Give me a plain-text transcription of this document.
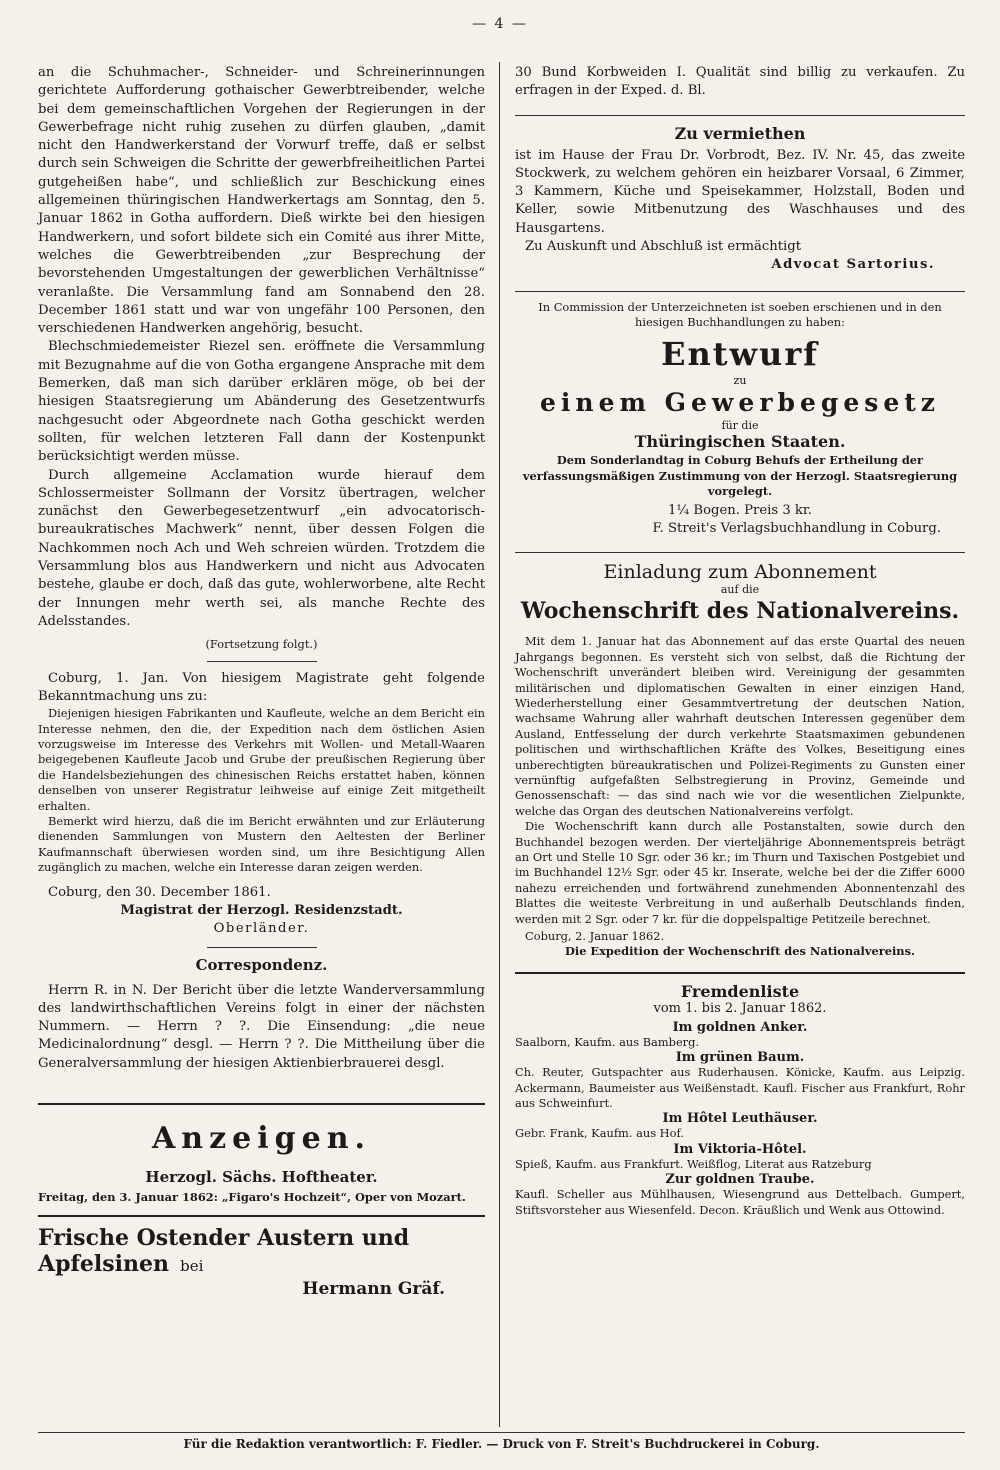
— 4 —

an die Schuhmacher-, Schneider- und Schreinerinnungen gerichtete Aufforderung gothaischer Gewerbtreibender, welche bei dem gemeinschaftlichen Vorgehen der Regierungen in der Gewerbefrage nicht ruhig zusehen zu dürfen glauben, „damit nicht den Handwerkerstand der Vorwurf treffe, daß er selbst durch sein Schweigen die Schritte der gewerbfreiheitlichen Partei gutgeheißen habe“, und schließlich zur Beschickung eines allgemeinen thüringischen Handwerkertags am Sonntag, den 5. Januar 1862 in Gotha auffordern. Dieß wirkte bei den hiesigen Handwerkern, und sofort bildete sich ein Comité aus ihrer Mitte, welches die Gewerbtreibenden „zur Besprechung der bevorstehenden Umgestaltungen der gewerblichen Verhältnisse“ veranlaßte. Die Versammlung fand am Sonnabend den 28. December 1861 statt und war von ungefähr 100 Personen, den verschiedenen Handwerken angehörig, besucht.

Blechschmiedemeister Riezel sen. eröffnete die Versammlung mit Bezugnahme auf die von Gotha ergangene Ansprache mit dem Bemerken, daß man sich darüber erklären möge, ob bei der hiesigen Staatsregierung um Abänderung des Gesetzentwurfs nachgesucht oder Abgeordnete nach Gotha geschickt werden sollten, für welchen letzteren Fall dann der Kostenpunkt berücksichtigt werden müsse.

Durch allgemeine Acclamation wurde hierauf dem Schlossermeister Sollmann der Vorsitz übertragen, welcher zunächst den Gewerbegesetzentwurf „ein advocatorisch-bureaukratisches Machwerk“ nennt, über dessen Folgen die Nachkommen noch Ach und Weh schreien würden. Trotzdem die Versammlung blos aus Handwerkern und nicht aus Advocaten bestehe, glaube er doch, daß das gute, wohlerworbene, alte Recht der Innungen mehr werth sei, als manche Rechte des Adelsstandes.

(Fortsetzung folgt.)

Coburg, 1. Jan. Von hiesigem Magistrate geht folgende Bekanntmachung uns zu:

Diejenigen hiesigen Fabrikanten und Kaufleute, welche an dem Bericht ein Interesse nehmen, den die, der Expedition nach dem östlichen Asien vorzugsweise im Interesse des Verkehrs mit Wollen- und Metall-Waaren beigegebenen Kaufleute Jacob und Grube der preußischen Regierung über die Handelsbeziehungen des chinesischen Reichs erstattet haben, können denselben von unserer Registratur leihweise auf einige Zeit mitgetheilt erhalten.

Bemerkt wird hierzu, daß die im Bericht erwähnten und zur Erläuterung dienenden Sammlungen von Mustern den Aeltesten der Berliner Kaufmannschaft überwiesen worden sind, um ihre Besichtigung Allen zugänglich zu machen, welche ein Interesse daran zeigen werden.

Coburg, den 30. December 1861.

Magistrat der Herzogl. Residenzstadt.

Oberländer.

Correspondenz.

Herrn R. in N. Der Bericht über die letzte Wanderversammlung des landwirthschaftlichen Vereins folgt in einer der nächsten Nummern. — Herrn ? ?. Die Einsendung: „die neue Medicinalordnung“ desgl. — Herrn ? ?. Die Mittheilung über die Generalversammlung der hiesigen Aktienbierbrauerei desgl.

Anzeigen.
Herzogl. Sächs. Hoftheater.

Freitag, den 3. Januar 1862: „Figaro's Hochzeit“, Oper von Mozart.

Frische Ostender Austern und
Apfelsinen bei
Hermann Gräf.

30 Bund Korbweiden I. Qualität sind billig zu verkaufen. Zu erfragen in der Exped. d. Bl.

Zu vermiethen

ist im Hause der Frau Dr. Vorbrodt, Bez. IV. Nr. 45, das zweite Stockwerk, zu welchem gehören ein heizbarer Vorsaal, 6 Zimmer, 3 Kammern, Küche und Speisekammer, Holzstall, Boden und Keller, sowie Mitbenutzung des Waschhauses und des Hausgartens.

Zu Auskunft und Abschluß ist ermächtigt

Advocat Sartorius.

In Commission der Unterzeichneten ist soeben erschienen und in den hiesigen Buchhandlungen zu haben:

Entwurf
zu
einem Gewerbegesetz
für die
Thüringischen Staaten.

Dem Sonderlandtag in Coburg Behufs der Ertheilung der verfassungsmäßigen Zustimmung von der Herzogl. Staatsregierung vorgelegt.

1¼ Bogen. Preis 3 kr.

F. Streit's Verlagsbuchhandlung in Coburg.

Einladung zum Abonnement
auf die
Wochenschrift des Nationalvereins.

Mit dem 1. Januar hat das Abonnement auf das erste Quartal des neuen Jahrgangs begonnen. Es versteht sich von selbst, daß die Richtung der Wochenschrift unverändert bleiben wird. Vereinigung der gesammten militärischen und diplomatischen Gewalten in einer einzigen Hand, Wiederherstellung einer Gesammtvertretung der deutschen Nation, wachsame Wahrung aller wahrhaft deutschen Interessen gegenüber dem Ausland, Entfesselung der durch verkehrte Staatsmaximen gebundenen politischen und wirthschaftlichen Kräfte des Volkes, Beseitigung eines unberechtigten büreaukratischen und Polizei-Regiments zu Gunsten einer vernünftig aufgefaßten Selbstregierung in Provinz, Gemeinde und Genossenschaft: — das sind nach wie vor die wesentlichen Zielpunkte, welche das Organ des deutschen Nationalvereins verfolgt.

Die Wochenschrift kann durch alle Postanstalten, sowie durch den Buchhandel bezogen werden. Der vierteljährige Abonnementspreis beträgt an Ort und Stelle 10 Sgr. oder 36 kr.; im Thurn und Taxischen Postgebiet und im Buchhandel 12½ Sgr. oder 45 kr. Inserate, welche bei der die Ziffer 6000 nahezu erreichenden und fortwährend zunehmenden Abonnentenzahl des Blattes die weiteste Verbreitung in und außerhalb Deutschlands finden, werden mit 2 Sgr. oder 7 kr. für die doppelspaltige Petitzeile berechnet.

Coburg, 2. Januar 1862.

Die Expedition der Wochenschrift des Nationalvereins.

Fremdenliste
vom 1. bis 2. Januar 1862.
Im goldnen Anker.

Saalborn, Kaufm. aus Bamberg.

Im grünen Baum.

Ch. Reuter, Gutspachter aus Ruderhausen. Könicke, Kaufm. aus Leipzig. Ackermann, Baumeister aus Weißenstadt. Kaufl. Fischer aus Frankfurt, Rohr aus Schweinfurt.

Im Hôtel Leuthäuser.

Gebr. Frank, Kaufm. aus Hof.

Im Viktoria-Hôtel.

Spieß, Kaufm. aus Frankfurt. Weißflog, Literat aus Ratzeburg

Zur goldnen Traube.

Kaufl. Scheller aus Mühlhausen, Wiesengrund aus Dettelbach. Gumpert, Stiftsvorsteher aus Wiesenfeld. Decon. Kräußlich und Wenk aus Ottowind.

Für die Redaktion verantwortlich: F. Fiedler. — Druck von F. Streit's Buchdruckerei in Coburg.
